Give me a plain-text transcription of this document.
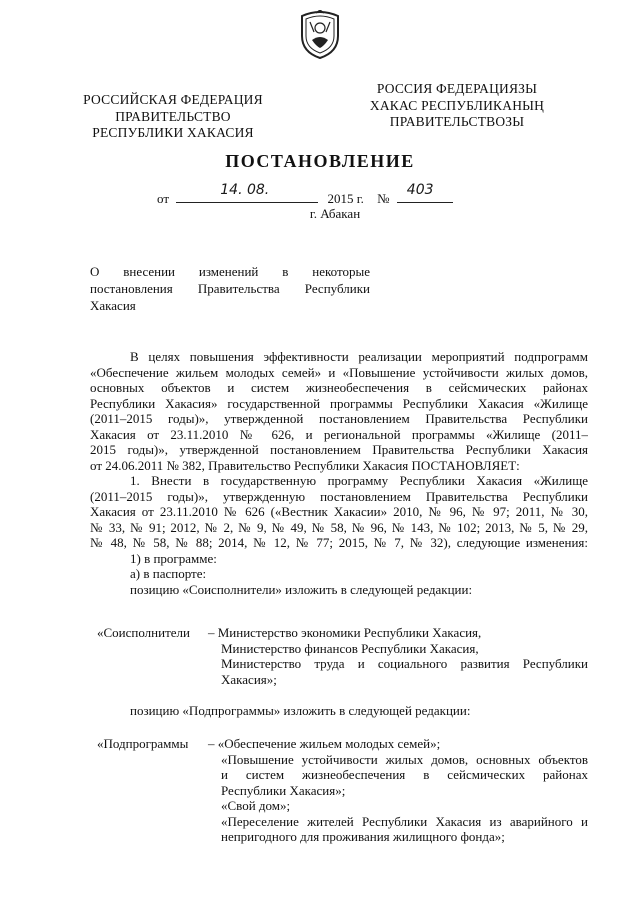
РОССИЙСКАЯ ФЕДЕРАЦИЯ
ПРАВИТЕЛЬСТВО
РЕСПУБЛИКИ ХАКАСИЯ
РОССИЯ ФЕДЕРАЦИЯЗЫ
ХАКАС РЕСПУБЛИКАНЫҢ
ПРАВИТЕЛЬСТВОЗЫ
ПОСТАНОВЛЕНИЕ
от
14. 08.
2015 г. №
403
г. Абакан
О внесении изменений в некоторые
постановления Правительства Республики
Хакасия
В целях повышения эффективности реализации мероприятий подпрограмм
«Обеспечение жильем молодых семей» и «Повышение устойчивости жилых домов,
основных объектов и систем жизнеобеспечения в сейсмических районах
Республики Хакасия» государственной программы Республики Хакасия «Жилище
(2011–2015 годы)», утвержденной постановлением Правительства Республики
Хакасия от 23.11.2010 № 626, и региональной программы «Жилище (2011–
2015 годы)», утвержденной постановлением Правительства Республики Хакасия
от 24.06.2011 № 382, Правительство Республики Хакасия ПОСТАНОВЛЯЕТ:
1. Внести в государственную программу Республики Хакасия «Жилище
(2011–2015 годы)», утвержденную постановлением Правительства Республики
Хакасия от 23.11.2010 № 626 («Вестник Хакасии» 2010, № 96, № 97; 2011, № 30,
№ 33, № 91; 2012, № 2, № 9, № 49, № 58, № 96, № 143, № 102; 2013, № 5, № 29,
№ 48, № 58, № 88; 2014, № 12, № 77; 2015, № 7, № 32), следующие изменения:
1) в программе:
а) в паспорте:
позицию «Соисполнители» изложить в следующей редакции:
«Соисполнители – Министерство экономики Республики Хакасия,
Министерство финансов Республики Хакасия,
Министерство труда и социального развития Республики
Хакасия»;
позицию «Подпрограммы» изложить в следующей редакции:
«Подпрограммы – «Обеспечение жильем молодых семей»;
«Повышение устойчивости жилых домов, основных объектов
и систем жизнеобеспечения в сейсмических районах
Республики Хакасия»;
«Свой дом»;
«Переселение жителей Республики Хакасия из аварийного и
непригодного для проживания жилищного фонда»;
